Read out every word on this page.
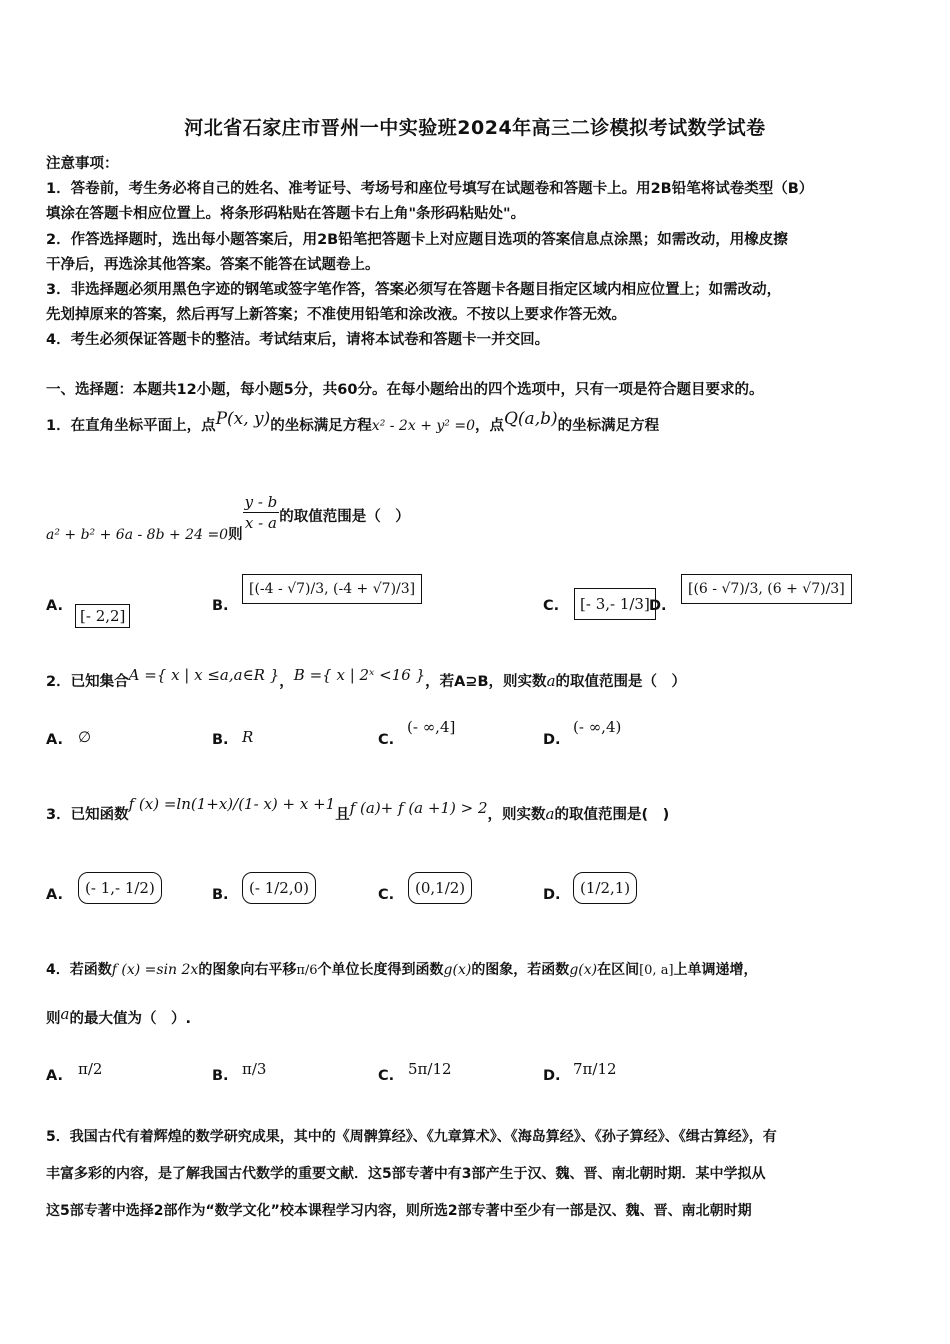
河北省石家庄市晋州一中实验班2024年高三二诊模拟考试数学试卷
注意事项：
1．答卷前，考生务必将自己的姓名、准考证号、考场号和座位号填写在试题卷和答题卡上。用2B铅笔将试卷类型（B）
填涂在答题卡相应位置上。将条形码粘贴在答题卡右上角"条形码粘贴处"。
2．作答选择题时，选出每小题答案后，用2B铅笔把答题卡上对应题目选项的答案信息点涂黑；如需改动，用橡皮擦
干净后，再选涂其他答案。答案不能答在试题卷上。
3．非选择题必须用黑色字迹的钢笔或签字笔作答，答案必须写在答题卡各题目指定区域内相应位置上；如需改动，
先划掉原来的答案，然后再写上新答案；不准使用铅笔和涂改液。不按以上要求作答无效。
4．考生必须保证答题卡的整洁。考试结束后，请将本试卷和答题卡一并交回。
一、选择题：本题共12小题，每小题5分，共60分。在每小题给出的四个选项中，只有一项是符合题目要求的。
1．在直角坐标平面上，点P(x, y)的坐标满足方程x² - 2x + y² =0，点Q(a,b)的坐标满足方程
a² + b² + 6a - 8b + 24 =0则
$\frac{y - b}{x - a}$ 的取值范围是（　）
A.
[- 2,2]
B.
[(-4 - √7)/3, (-4 + √7)/3]
C.	[- 3,- 1/3] D.
[(6 - √7)/3, (6 + √7)/3]
2．已知集合A ={ x | x ≤a,a∈R }，B ={ x | 2ˣ <16 }，若A⊇B，则实数a的取值范围是（　）
A. ∅	B. R	C.
(- ∞,4]
D.
(- ∞,4)
3．已知函数f (x) =ln(1+x)/(1- x) + x +1且f (a)+ f (a +1) > 2，则实数a的取值范围是(　)
A.	(- 1,- 1/2)	B.	(- 1/2,0)	C.	(0,1/2)	D.	(1/2,1)
4．若函数f (x) =sin 2x的图象向右平移π/6个单位长度得到函数g(x)的图象，若函数g(x)在区间[0, a]上单调递增，
则a的最大值为（　）.
A. π/2	B. π/3	C. 5π/12	D. 7π/12
5．我国古代有着辉煌的数学研究成果，其中的《周髀算经》、《九章算术》、《海岛算经》、《孙子算经》、《缉古算经》，有
丰富多彩的内容，是了解我国古代数学的重要文献．这5部专著中有3部产生于汉、魏、晋、南北朝时期．某中学拟从
这5部专著中选择2部作为“数学文化”校本课程学习内容，则所选2部专著中至少有一部是汉、魏、晋、南北朝时期
